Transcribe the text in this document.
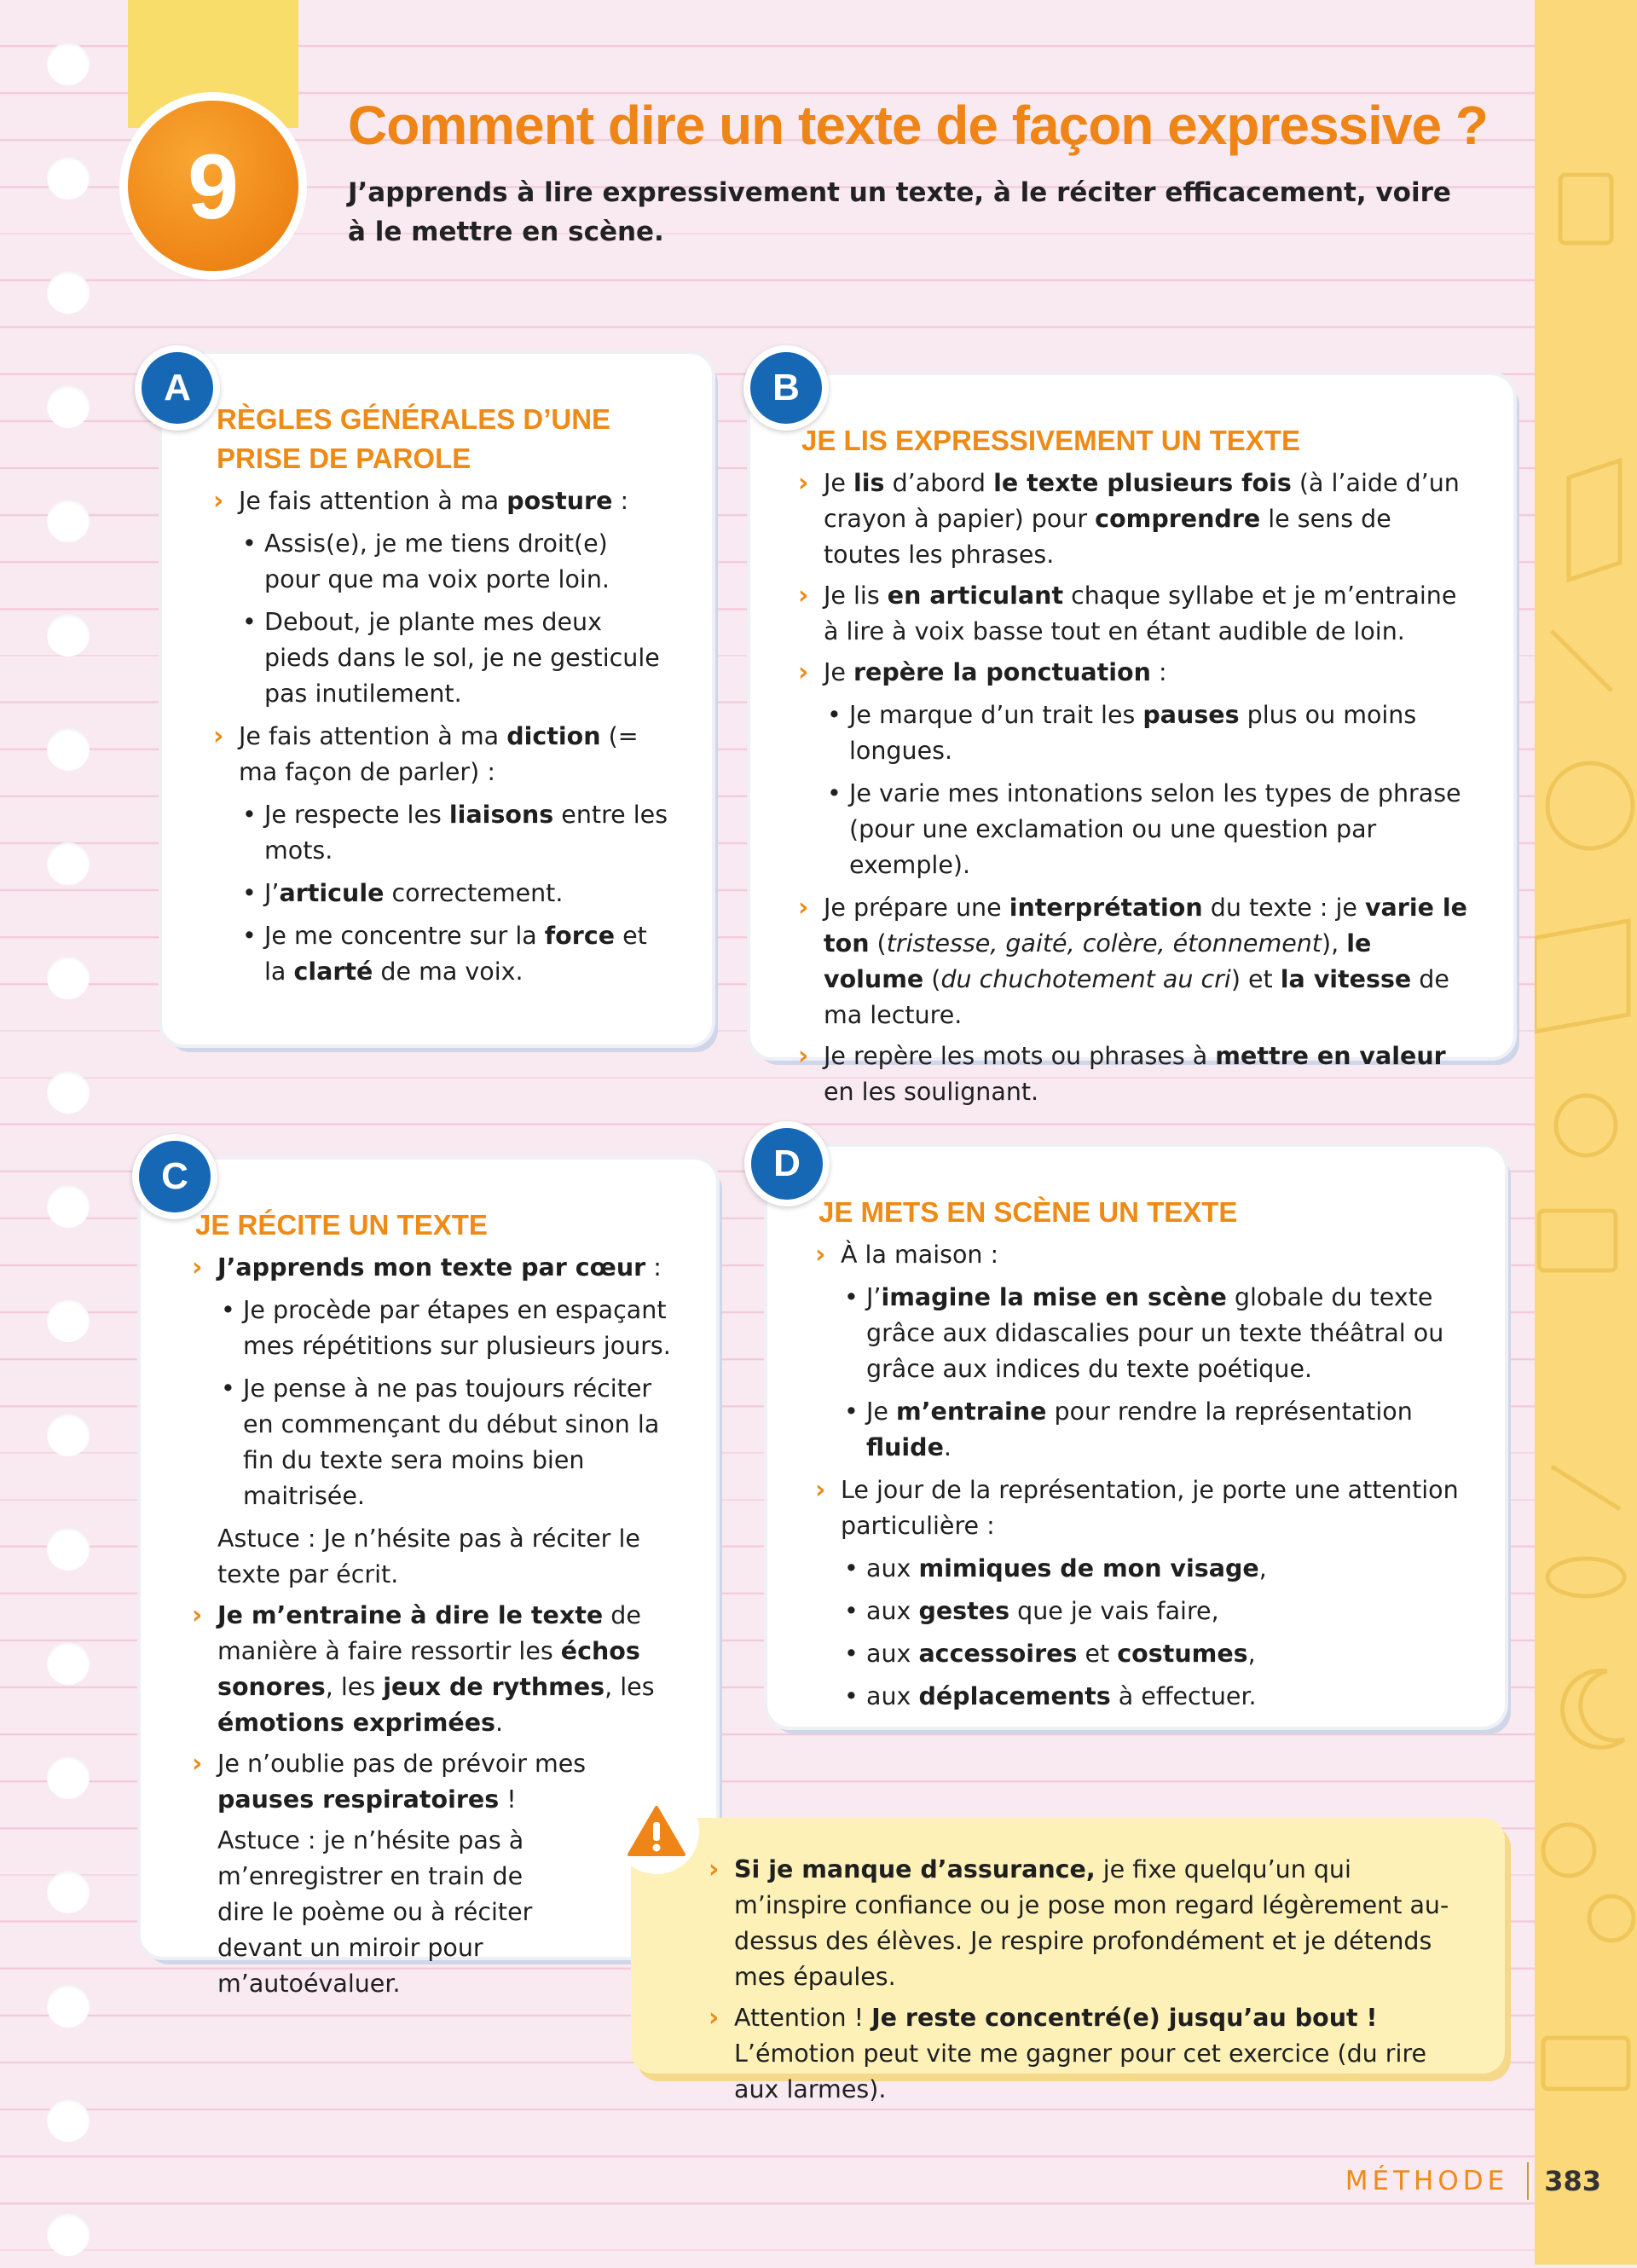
9
Comment dire un texte de façon expressive ?
J’apprends à lire expressivement un texte, à le réciter efficacement, voire à le mettre en scène.
RÈGLES GÉNÉRALES D’UNE PRISE DE PAROLE
› Je fais attention à ma posture :
• Assis(e), je me tiens droit(e) pour que ma voix porte loin.
• Debout, je plante mes deux pieds dans le sol, je ne gesticule pas inutilement.
› Je fais attention à ma diction (= ma façon de parler) :
• Je respecte les liaisons entre les mots.
• J’articule correctement.
• Je me concentre sur la force et la clarté de ma voix.
A
JE LIS EXPRESSIVEMENT UN TEXTE
› Je lis d’abord le texte plusieurs fois (à l’aide d’un crayon à papier) pour comprendre le sens de toutes les phrases.
› Je lis en articulant chaque syllabe et je m’entraine à lire à voix basse tout en étant audible de loin.
› Je repère la ponctuation :
• Je marque d’un trait les pauses plus ou moins longues.
• Je varie mes intonations selon les types de phrase (pour une exclamation ou une question par exemple).
› Je prépare une interprétation du texte : je varie le ton (tristesse, gaité, colère, étonnement), le volume (du chuchotement au cri) et la vitesse de ma lecture.
› Je repère les mots ou phrases à mettre en valeur en les soulignant.
B
JE RÉCITE UN TEXTE
› J’apprends mon texte par cœur :
• Je procède par étapes en espaçant mes répétitions sur plusieurs jours.
• Je pense à ne pas toujours réciter en commençant du début sinon la fin du texte sera moins bien maitrisée.
Astuce : Je n’hésite pas à réciter le texte par écrit.
› Je m’entraine à dire le texte de manière à faire ressortir les échos sonores, les jeux de rythmes, les émotions exprimées.
› Je n’oublie pas de prévoir mes pauses respiratoires !
Astuce : je n’hésite pas à m’enregistrer en train de dire le poème ou à réciter devant un miroir pour m’autoévaluer.
C
JE METS EN SCÈNE UN TEXTE
› À la maison :
• J’imagine la mise en scène globale du texte grâce aux didascalies pour un texte théâtral ou grâce aux indices du texte poétique.
• Je m’entraine pour rendre la représentation fluide.
› Le jour de la représentation, je porte une attention particulière :
• aux mimiques de mon visage,
• aux gestes que je vais faire,
• aux accessoires et costumes,
• aux déplacements à effectuer.
D
› Si je manque d’assurance, je fixe quelqu’un qui m’inspire confiance ou je pose mon regard légèrement au-dessus des élèves. Je respire profondément et je détends mes épaules.
› Attention ! Je reste concentré(e) jusqu’au bout ! L’émotion peut vite me gagner pour cet exercice (du rire aux larmes).
MÉTHODE 383
